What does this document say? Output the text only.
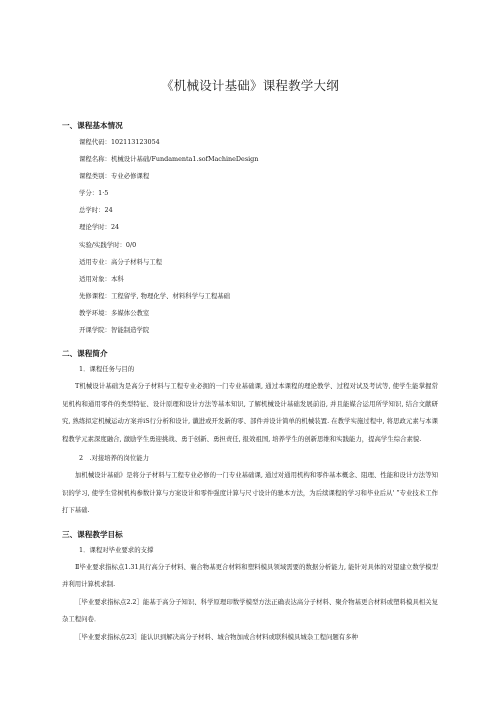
《机械设计基础》课程教学大纲
一、课程基本情况
课程代码：102113123054
课程名称：机械设计基础/Fundamenta1.sofMachineDesign
课程类别：专业必修课程
学分：1·5
总学时：24
理论学时：24
实验/实践学时：0/0
适用专业：高分子材料与工程
适用对象：本科
先修课程：工程留学, 物理化学、材料科学与工程基础
教学环境：多媒体公教室
开课学院：智能制造学院
二、课程简介
1．课程任务与目的

T机械设计基础为是高分子材料与工程专业必拥的一门专业基础课, 通过本课程的理论教学、过程对试及考试等, 使学生能掌握常见机构和通用零件的类型特征、设计原理和设计方法等基本知识, 了解机械设计基础发展前沿, 并且能媒合运用所学知识, 结合文献研究, 熟练拟定机械运动方案并iS行分析和设计, 谶进或开发新的零、部件并设计简单的机械装置. 在教学实施过程中, 将思政元素与本课程教学元素深度融合, 激励学生勇迎挑战、勇于创新、勇担责任, 报效祖国, 培养学生的创新思维和实践能力，提高学生综合素貌.

2　.对接培养的岗位能力

加机械设计基础》是将分子材料与工程专业必修的一门专业基础课, 通过对通用机构和零件基本概念、阻理、性能和设计方法等知识的学习, 使学生常树机构参数计算与方案设计和零件强度计算与尺寸设计的驰本方法，为后续课程的学习和毕业后从' ”专业技术工作打下基础.

三、课程教学目标
1．课程对毕业要求的支撑

Ⅱ毕业要求指标点1.31具行高分子材料、襄合物基更合材料和塑料模具领域需要的数据分析能力, 能针对具体的对望建立数学模型并利用计算机求制.

［毕业要求指标点2.2］能基于高分子知识、科学原理印数学模型方法正确表达高分子材料、聚介物基更合材料或塑料模具相关复杂工程问卷．

［毕业要求指标点23］能认识到解决高分子材料、城合物加成合材料或联科模具城杂工程问题有多种
